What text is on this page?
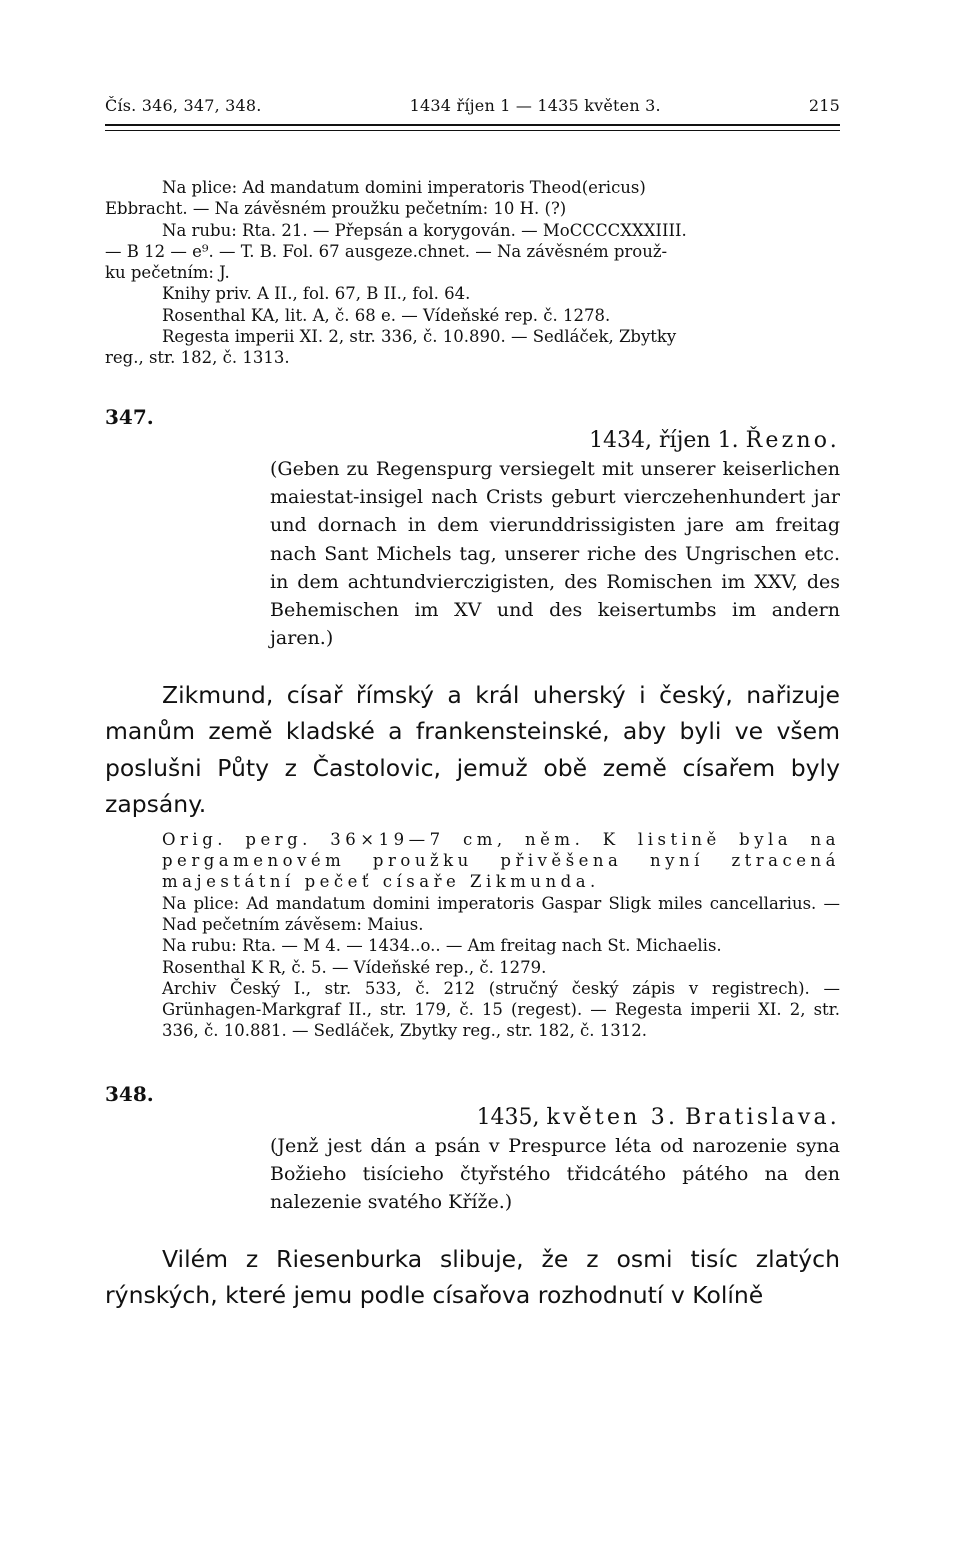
Čís. 346, 347, 348.	1434 říjen 1 — 1435 květen 3.	215
Na plice: Ad mandatum domini imperatoris Theod(ericus)
Ebbracht. — Na závěsném proužku pečetním: 10 H. (?)
Na rubu: Rta. 21. — Přepsán a korygován. — MoCCCCXXXIIII.
— B 12 — e⁹. — T. B. Fol. 67 ausgeze.chnet. — Na závěsném prouž-
ku pečetním: J.
Knihy priv. A II., fol. 67, B II., fol. 64.
Rosenthal KA, lit. A, č. 68 e. — Vídeňské rep. č. 1278.
Regesta imperii XI. 2, str. 336, č. 10.890. — Sedláček, Zbytky
reg., str. 182, č. 1313.
347.
1434, říjen 1. Řezno.
(Geben zu Regenspurg versiegelt mit unserer keiserlichen maiestat-insigel nach Crists geburt vierczehenhundert jar und dornach in dem vierunddrissigisten jare am freitag nach Sant Michels tag, unserer riche des Ungrischen etc. in dem achtundvierczigisten, des Romischen im XXV, des Behemischen im XV und des keisertumbs im andern jaren.)
Zikmund, císař římský a král uherský i český, nařizuje manům země kladské a frankensteinské, aby byli ve všem poslušni Půty z Častolovic, jemuž obě země císařem byly zapsány.
Orig. perg. 36×19—7 cm, něm. K listině byla na pergamenovém proužku přivěšena nyní ztracená majestátní pečeť císaře Zikmunda.
Na plice: Ad mandatum domini imperatoris Gaspar Sligk miles cancellarius. — Nad pečetním závěsem: Maius.
Na rubu: Rta. — M 4. — 1434..o.. — Am freitag nach St. Michaelis.
Rosenthal K R, č. 5. — Vídeňské rep., č. 1279.
Archiv Český I., str. 533, č. 212 (stručný český zápis v registrech). — Grünhagen-Markgraf II., str. 179, č. 15 (regest). — Regesta imperii XI. 2, str. 336, č. 10.881. — Sedláček, Zbytky reg., str. 182, č. 1312.
348.
1435, květen 3. Bratislava.
(Jenž jest dán a psán v Prespurce léta od narozenie syna Božieho tisícieho čtyřstého třidcátého pátého na den nalezenie svatého Kříže.)
Vilém z Riesenburka slibuje, že z osmi tisíc zlatých rýnských, které jemu podle císařova rozhodnutí v Kolíně
